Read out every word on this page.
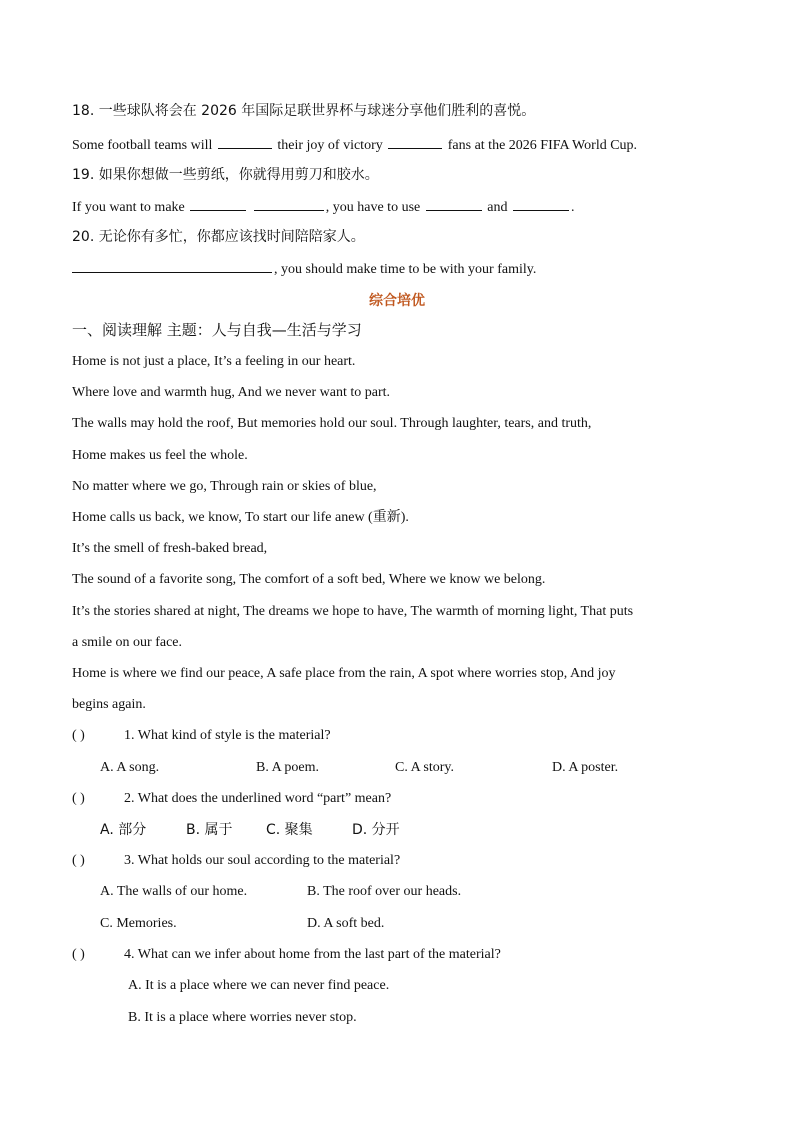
18. 一些球队将会在 2026 年国际足联世界杯与球迷分享他们胜利的喜悦。
Some football teams will	their joy of victory	fans at the 2026 FIFA World Cup.
19. 如果你想做一些剪纸，你就得用剪刀和胶水。
If you want to make	, you have to use	and	.
20. 无论你有多忙，你都应该找时间陪陪家人。
, you should make time to be with your family.
综合培优
一、阅读理解 主题：人与自我—生活与学习
Home is not just a place, It’s a feeling in our heart.
Where love and warmth hug, And we never want to part.
The walls may hold the roof, But memories hold our soul. Through laughter, tears, and truth,
Home makes us feel the whole.
No matter where we go, Through rain or skies of blue,
Home calls us back, we know, To start our life anew (重新).
It’s the smell of fresh-baked bread,
The sound of a favorite song, The comfort of a soft bed, Where we know we belong.
It’s the stories shared at night, The dreams we hope to have, The warmth of morning light, That puts
a smile on our face.
Home is where we find our peace, A safe place from the rain, A spot where worries stop, And joy
begins again.
( )	1. What kind of style is the material?
A. A song.	B. A poem.	C. A story.	D. A poster.
( )	2. What does the underlined word “part” mean?
A. 部分	B. 属于 C. 聚集	D. 分开
( )	3. What holds our soul according to the material?
A. The walls of our home.	B. The roof over our heads.
C. Memories.	D. A soft bed.
( )	4. What can we infer about home from the last part of the material?
A. It is a place where we can never find peace.
B. It is a place where worries never stop.
